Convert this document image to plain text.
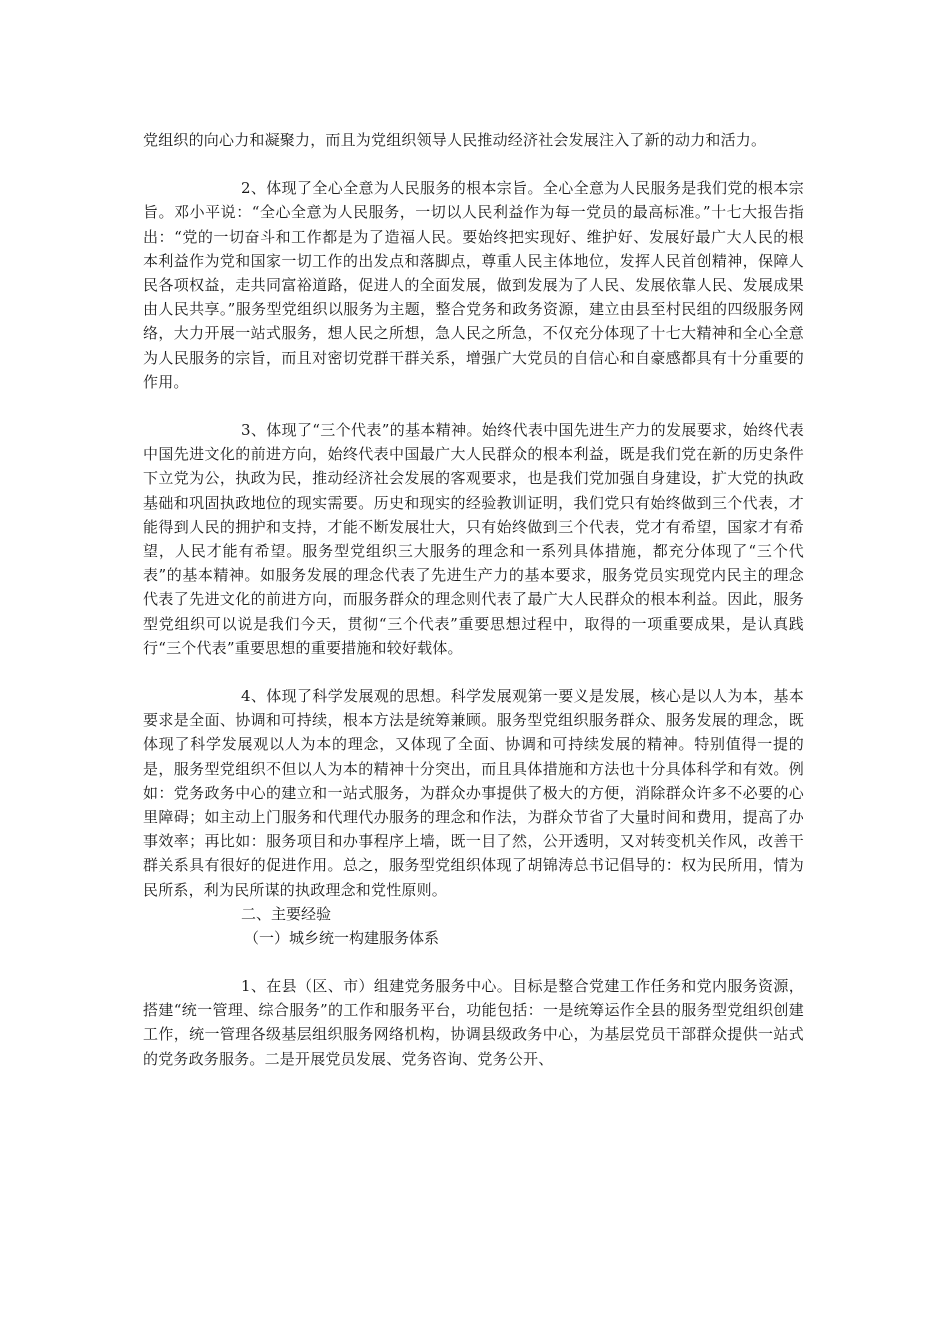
党组织的向心力和凝聚力，而且为党组织领导人民推动经济社会发展注入了新的动力和活力。

2、体现了全心全意为人民服务的根本宗旨。全心全意为人民服务是我们党的根本宗旨。邓小平说：“全心全意为人民服务，一切以人民利益作为每一党员的最高标准。”十七大报告指出：“党的一切奋斗和工作都是为了造福人民。要始终把实现好、维护好、发展好最广大人民的根本利益作为党和国家一切工作的出发点和落脚点，尊重人民主体地位，发挥人民首创精神，保障人民各项权益，走共同富裕道路，促进人的全面发展，做到发展为了人民、发展依靠人民、发展成果由人民共享。”服务型党组织以服务为主题，整合党务和政务资源，建立由县至村民组的四级服务网络，大力开展一站式服务，想人民之所想，急人民之所急，不仅充分体现了十七大精神和全心全意为人民服务的宗旨，而且对密切党群干群关系，增强广大党员的自信心和自豪感都具有十分重要的作用。

3、体现了“三个代表”的基本精神。始终代表中国先进生产力的发展要求，始终代表中国先进文化的前进方向，始终代表中国最广大人民群众的根本利益，既是我们党在新的历史条件下立党为公，执政为民，推动经济社会发展的客观要求，也是我们党加强自身建设，扩大党的执政基础和巩固执政地位的现实需要。历史和现实的经验教训证明，我们党只有始终做到三个代表，才能得到人民的拥护和支持，才能不断发展壮大，只有始终做到三个代表，党才有希望，国家才有希望，人民才能有希望。服务型党组织三大服务的理念和一系列具体措施，都充分体现了“三个代表”的基本精神。如服务发展的理念代表了先进生产力的基本要求，服务党员实现党内民主的理念代表了先进文化的前进方向，而服务群众的理念则代表了最广大人民群众的根本利益。因此，服务型党组织可以说是我们今天，贯彻“三个代表”重要思想过程中，取得的一项重要成果，是认真践行“三个代表”重要思想的重要措施和较好载体。

4、体现了科学发展观的思想。科学发展观第一要义是发展，核心是以人为本，基本要求是全面、协调和可持续，根本方法是统筹兼顾。服务型党组织服务群众、服务发展的理念，既体现了科学发展观以人为本的理念，又体现了全面、协调和可持续发展的精神。特别值得一提的是，服务型党组织不但以人为本的精神十分突出，而且具体措施和方法也十分具体科学和有效。例如：党务政务中心的建立和一站式服务，为群众办事提供了极大的方便，消除群众许多不必要的心里障碍；如主动上门服务和代理代办服务的理念和作法，为群众节省了大量时间和费用，提高了办事效率；再比如：服务项目和办事程序上墙，既一目了然，公开透明，又对转变机关作风，改善干群关系具有很好的促进作用。总之，服务型党组织体现了胡锦涛总书记倡导的：权为民所用，情为民所系，利为民所谋的执政理念和党性原则。

二、主要经验

（一）城乡统一构建服务体系

1、在县（区、市）组建党务服务中心。目标是整合党建工作任务和党内服务资源，搭建“统一管理、综合服务”的工作和服务平台，功能包括：一是统筹运作全县的服务型党组织创建工作，统一管理各级基层组织服务网络机构，协调县级政务中心，为基层党员干部群众提供一站式的党务政务服务。二是开展党员发展、党务咨询、党务公开、
